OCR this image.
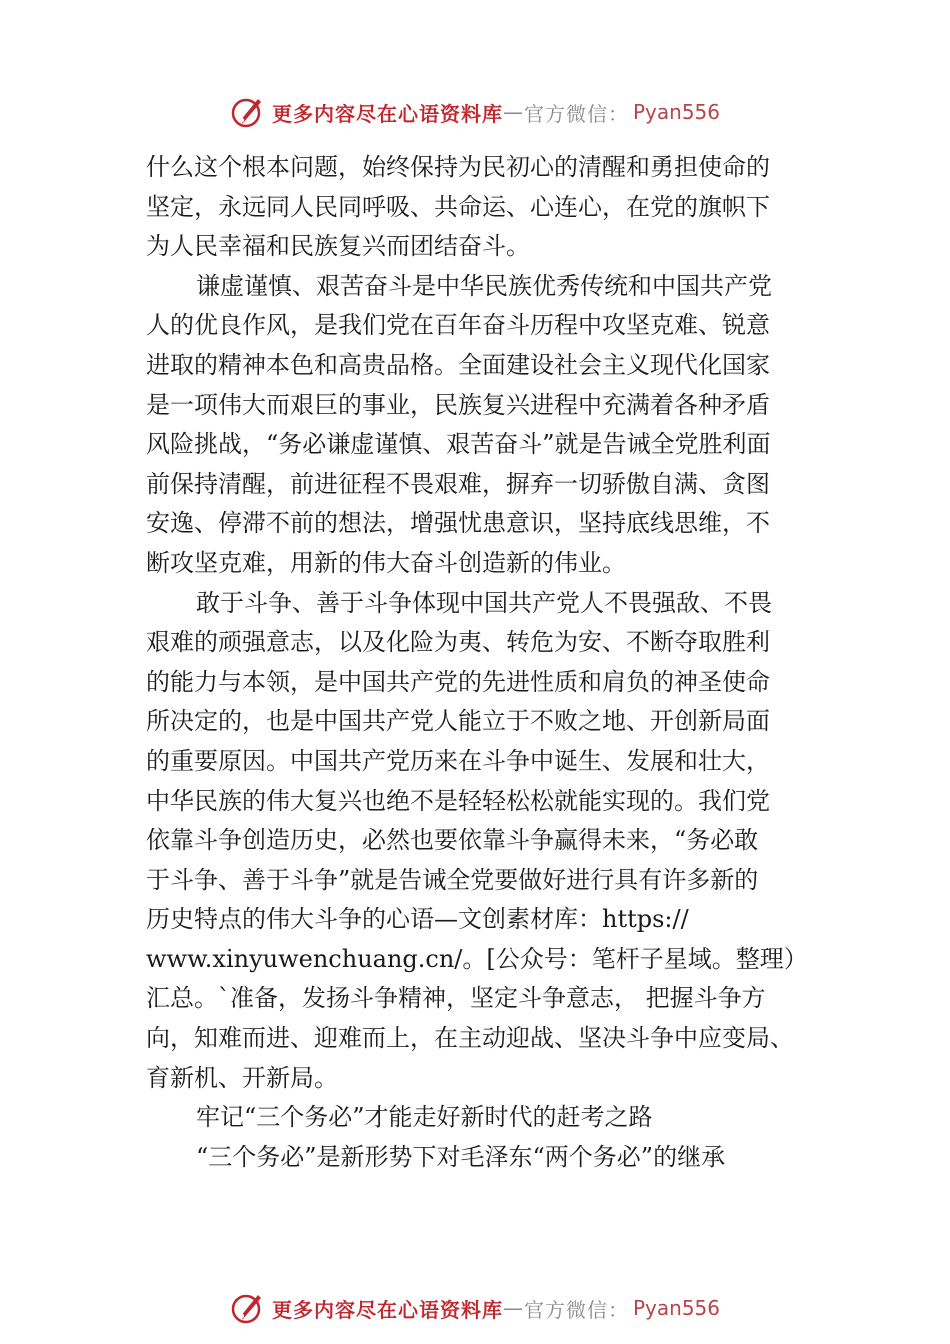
更多内容尽在心语资料库 — 官方微信： Pyan556
什么这个根本问题，始终保持为民初心的清醒和勇担使命的
坚定，永远同人民同呼吸、共命运、心连心，在党的旗帜下
为人民幸福和民族复兴而团结奋斗。
谦虚谨慎、艰苦奋斗是中华民族优秀传统和中国共产党
人的优良作风，是我们党在百年奋斗历程中攻坚克难、锐意
进取的精神本色和高贵品格。全面建设社会主义现代化国家
是一项伟大而艰巨的事业，民族复兴进程中充满着各种矛盾
风险挑战，“务必谦虚谨慎、艰苦奋斗”就是告诫全党胜利面
前保持清醒，前进征程不畏艰难，摒弃一切骄傲自满、贪图
安逸、停滞不前的想法，增强忧患意识，坚持底线思维，不
断攻坚克难，用新的伟大奋斗创造新的伟业。
敢于斗争、善于斗争体现中国共产党人不畏强敌、不畏
艰难的顽强意志，以及化险为夷、转危为安、不断夺取胜利
的能力与本领，是中国共产党的先进性质和肩负的神圣使命
所决定的，也是中国共产党人能立于不败之地、开创新局面
的重要原因。中国共产党历来在斗争中诞生、发展和壮大，
中华民族的伟大复兴也绝不是轻轻松松就能实现的。我们党
依靠斗争创造历史，必然也要依靠斗争赢得未来，“务必敢
于斗争、善于斗争”就是告诫全党要做好进行具有许多新的
历史特点的伟大斗争的心语—文创素材库：https://
www.xinyuwenchuang.cn/。[公众号：笔杆子星域。整理）
汇总。`准备，发扬斗争精神，坚定斗争意志， 把握斗争方
向，知难而进、迎难而上，在主动迎战、坚决斗争中应变局、
育新机、开新局。
牢记“三个务必”才能走好新时代的赶考之路
“三个务必”是新形势下对毛泽东“两个务必”的继承
更多内容尽在心语资料库 — 官方微信： Pyan556
